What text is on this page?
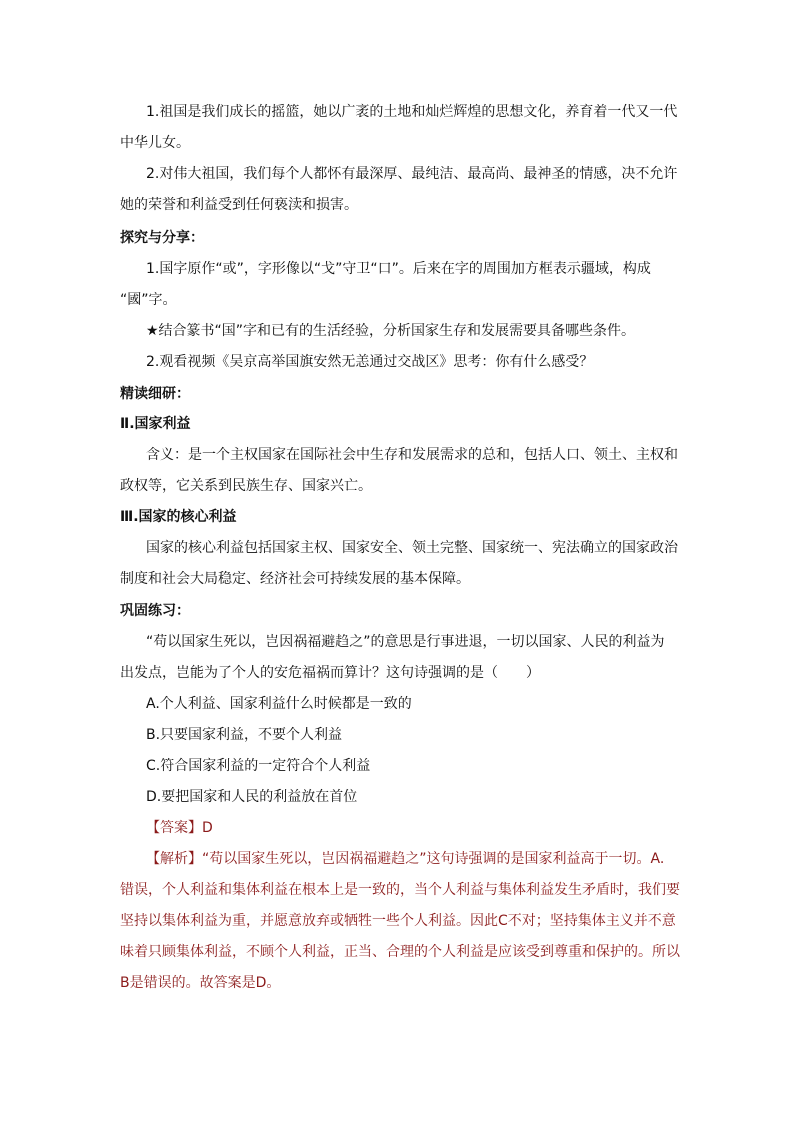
1.祖国是我们成长的摇篮，她以广袤的土地和灿烂辉煌的思想文化，养育着一代又一代
中华儿女。
2.对伟大祖国，我们每个人都怀有最深厚、最纯洁、最高尚、最神圣的情感，决不允许
她的荣誉和利益受到任何亵渎和损害。
探究与分享：
1.国字原作“或”，字形像以“戈”守卫“口”。后来在字的周围加方框表示疆域，构成
“國”字。
★结合篆书“国”字和已有的生活经验，分析国家生存和发展需要具备哪些条件。
2.观看视频《吴京高举国旗安然无恙通过交战区》思考：你有什么感受？
精读细研：
Ⅱ.国家利益
含义：是一个主权国家在国际社会中生存和发展需求的总和，包括人口、领土、主权和
政权等，它关系到民族生存、国家兴亡。
Ⅲ.国家的核心利益
国家的核心利益包括国家主权、国家安全、领土完整、国家统一、宪法确立的国家政治
制度和社会大局稳定、经济社会可持续发展的基本保障。
巩固练习：
“苟以国家生死以，岂因祸福避趋之”的意思是行事进退，一切以国家、人民的利益为
出发点，岂能为了个人的安危福祸而算计？这句诗强调的是（　　）
A.个人利益、国家利益什么时候都是一致的
B.只要国家利益，不要个人利益
C.符合国家利益的一定符合个人利益
D.要把国家和人民的利益放在首位
【答案】D
【解析】“苟以国家生死以，岂因祸福避趋之”这句诗强调的是国家利益高于一切。A.
错误，个人利益和集体利益在根本上是一致的，当个人利益与集体利益发生矛盾时，我们要
坚持以集体利益为重，并愿意放弃或牺牲一些个人利益。因此C不对；坚持集体主义并不意
味着只顾集体利益，不顾个人利益，正当、合理的个人利益是应该受到尊重和保护的。所以
B是错误的。故答案是D。
